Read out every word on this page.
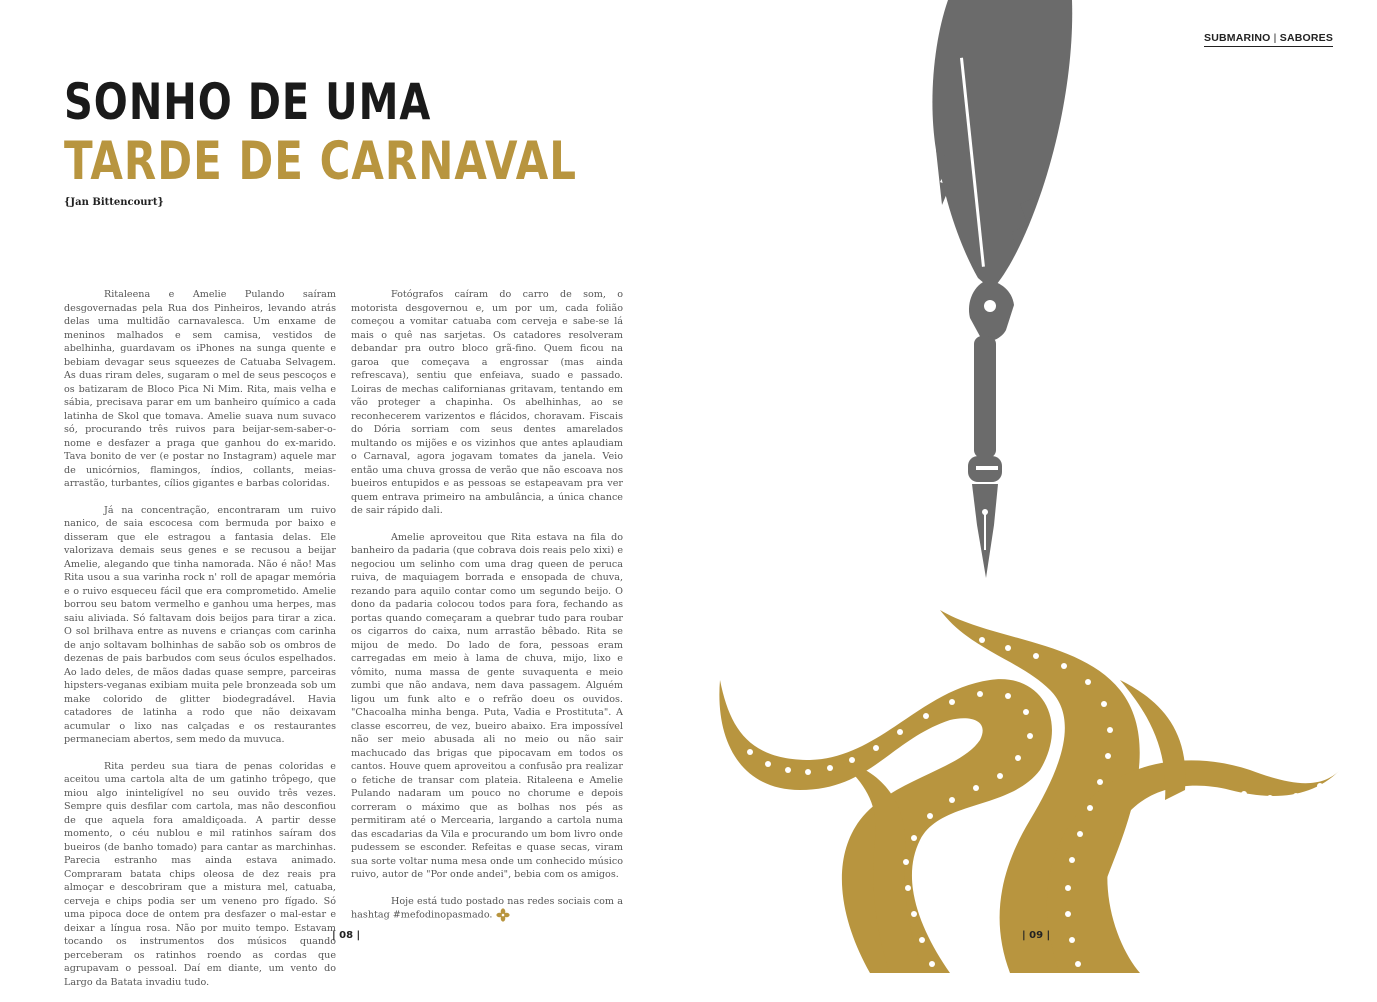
SONHO DE UMA
TARDE DE CARNAVAL
{Jan Bittencourt}

Ritaleena e Amelie Pulando saíram desgovernadas pela Rua dos Pinheiros, levando atrás delas uma multidão carnavalesca. Um enxame de meninos malhados e sem camisa, vestidos de abelhinha, guardavam os iPhones na sunga quente e bebiam devagar seus squeezes de Catuaba Selvagem. As duas riram deles, sugaram o mel de seus pescoços e os batizaram de Bloco Pica Ni Mim. Rita, mais velha e sábia, precisava parar em um banheiro químico a cada latinha de Skol que tomava. Amelie suava num suvaco só, procurando três ruivos para beijar-sem-saber-o-nome e desfazer a praga que ganhou do ex-marido. Tava bonito de ver (e postar no Instagram) aquele mar de unicórnios, flamingos, índios, collants, meias-arrastão, turbantes, cílios gigantes e barbas coloridas.

Já na concentração, encontraram um ruivo nanico, de saia escocesa com bermuda por baixo e disseram que ele estragou a fantasia delas. Ele valorizava demais seus genes e se recusou a beijar Amelie, alegando que tinha namorada. Não é não! Mas Rita usou a sua varinha rock n' roll de apagar memória e o ruivo esqueceu fácil que era comprometido. Amelie borrou seu batom vermelho e ganhou uma herpes, mas saiu aliviada. Só faltavam dois beijos para tirar a zica. O sol brilhava entre as nuvens e crianças com carinha de anjo soltavam bolhinhas de sabão sob os ombros de dezenas de pais barbudos com seus óculos espelhados. Ao lado deles, de mãos dadas quase sempre, parceiras hipsters-veganas exibiam muita pele bronzeada sob um make colorido de glitter biodegradável. Havia catadores de latinha a rodo que não deixavam acumular o lixo nas calçadas e os restaurantes permaneciam abertos, sem medo da muvuca.

Rita perdeu sua tiara de penas coloridas e aceitou uma cartola alta de um gatinho trôpego, que miou algo ininteligível no seu ouvido três vezes. Sempre quis desfilar com cartola, mas não desconfiou de que aquela fora amaldiçoada. A partir desse momento, o céu nublou e mil ratinhos saíram dos bueiros (de banho tomado) para cantar as marchinhas. Parecia estranho mas ainda estava animado. Compraram batata chips oleosa de dez reais pra almoçar e descobriram que a mistura mel, catuaba, cerveja e chips podia ser um veneno pro fígado. Só uma pipoca doce de ontem pra desfazer o mal-estar e deixar a língua rosa. Não por muito tempo. Estavam tocando os instrumentos dos músicos quando perceberam os ratinhos roendo as cordas que agrupavam o pessoal. Daí em diante, um vento do Largo da Batata invadiu tudo.

Fotógrafos caíram do carro de som, o motorista desgovernou e, um por um, cada folião começou a vomitar catuaba com cerveja e sabe-se lá mais o quê nas sarjetas. Os catadores resolveram debandar pra outro bloco grã-fino. Quem ficou na garoa que começava a engrossar (mas ainda refrescava), sentiu que enfeiava, suado e passado. Loiras de mechas californianas gritavam, tentando em vão proteger a chapinha. Os abelhinhas, ao se reconhecerem varizentos e flácidos, choravam. Fiscais do Dória sorriam com seus dentes amarelados multando os mijões e os vizinhos que antes aplaudiam o Carnaval, agora jogavam tomates da janela. Veio então uma chuva grossa de verão que não escoava nos bueiros entupidos e as pessoas se estapeavam pra ver quem entrava primeiro na ambulância, a única chance de sair rápido dali.

Amelie aproveitou que Rita estava na fila do banheiro da padaria (que cobrava dois reais pelo xixi) e negociou um selinho com uma drag queen de peruca ruiva, de maquiagem borrada e ensopada de chuva, rezando para aquilo contar como um segundo beijo. O dono da padaria colocou todos para fora, fechando as portas quando começaram a quebrar tudo para roubar os cigarros do caixa, num arrastão bêbado. Rita se mijou de medo. Do lado de fora, pessoas eram carregadas em meio à lama de chuva, mijo, lixo e vômito, numa massa de gente suvaquenta e meio zumbi que não andava, nem dava passagem. Alguém ligou um funk alto e o refrão doeu os ouvidos. "Chacoalha minha benga. Puta, Vadia e Prostituta". A classe escorreu, de vez, bueiro abaixo. Era impossível não ser meio abusada ali no meio ou não sair machucado das brigas que pipocavam em todos os cantos. Houve quem aproveitou a confusão pra realizar o fetiche de transar com plateia. Ritaleena e Amelie Pulando nadaram um pouco no chorume e depois correram o máximo que as bolhas nos pés as permitiram até o Mercearia, largando a cartola numa das escadarias da Vila e procurando um bom livro onde pudessem se esconder. Refeitas e quase secas, viram sua sorte voltar numa mesa onde um conhecido músico ruivo, autor de "Por onde andei", bebia com os amigos.

Hoje está tudo postado nas redes sociais com a hashtag #mefodinopasmado.

| 08 |
SUBMARINO | SABORES
| 09 |
